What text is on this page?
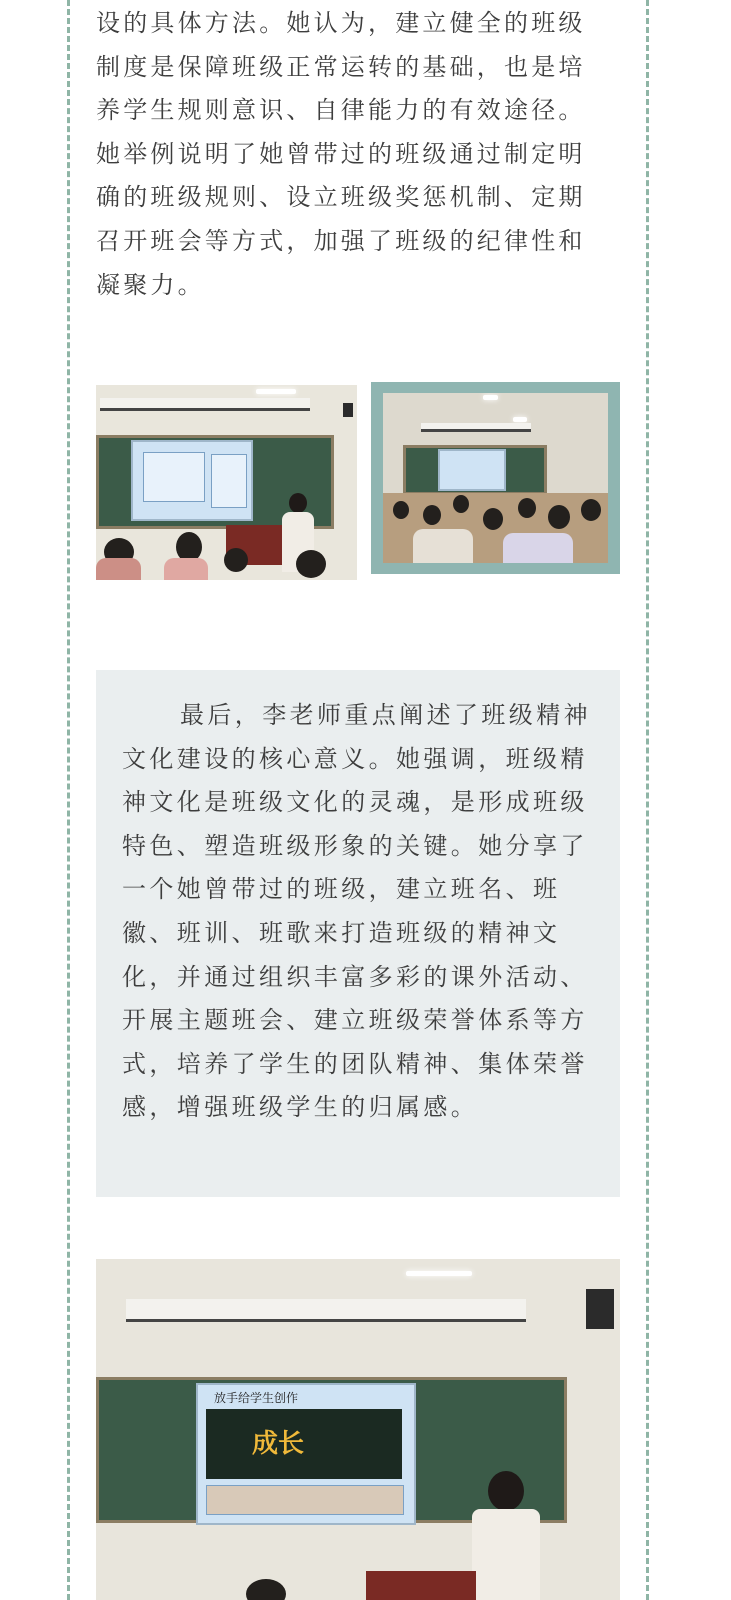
设的具体方法。她认为，建立健全的班级
制度是保障班级正常运转的基础，也是培
养学生规则意识、自律能力的有效途径。
她举例说明了她曾带过的班级通过制定明
确的班级规则、设立班级奖惩机制、定期
召开班会等方式，加强了班级的纪律性和
凝聚力。

最后，李老师重点阐述了班级精神文化建设的核心意义。她强调，班级精神文化是班级文化的灵魂，是形成班级特色、塑造班级形象的关键。她分享了一个她曾带过的班级，建立班名、班徽、班训、班歌来打造班级的精神文化，并通过组织丰富多彩的课外活动、开展主题班会、建立班级荣誉体系等方式，培养了学生的团队精神、集体荣誉感，增强班级学生的归属感。

放手给学生创作
成长
